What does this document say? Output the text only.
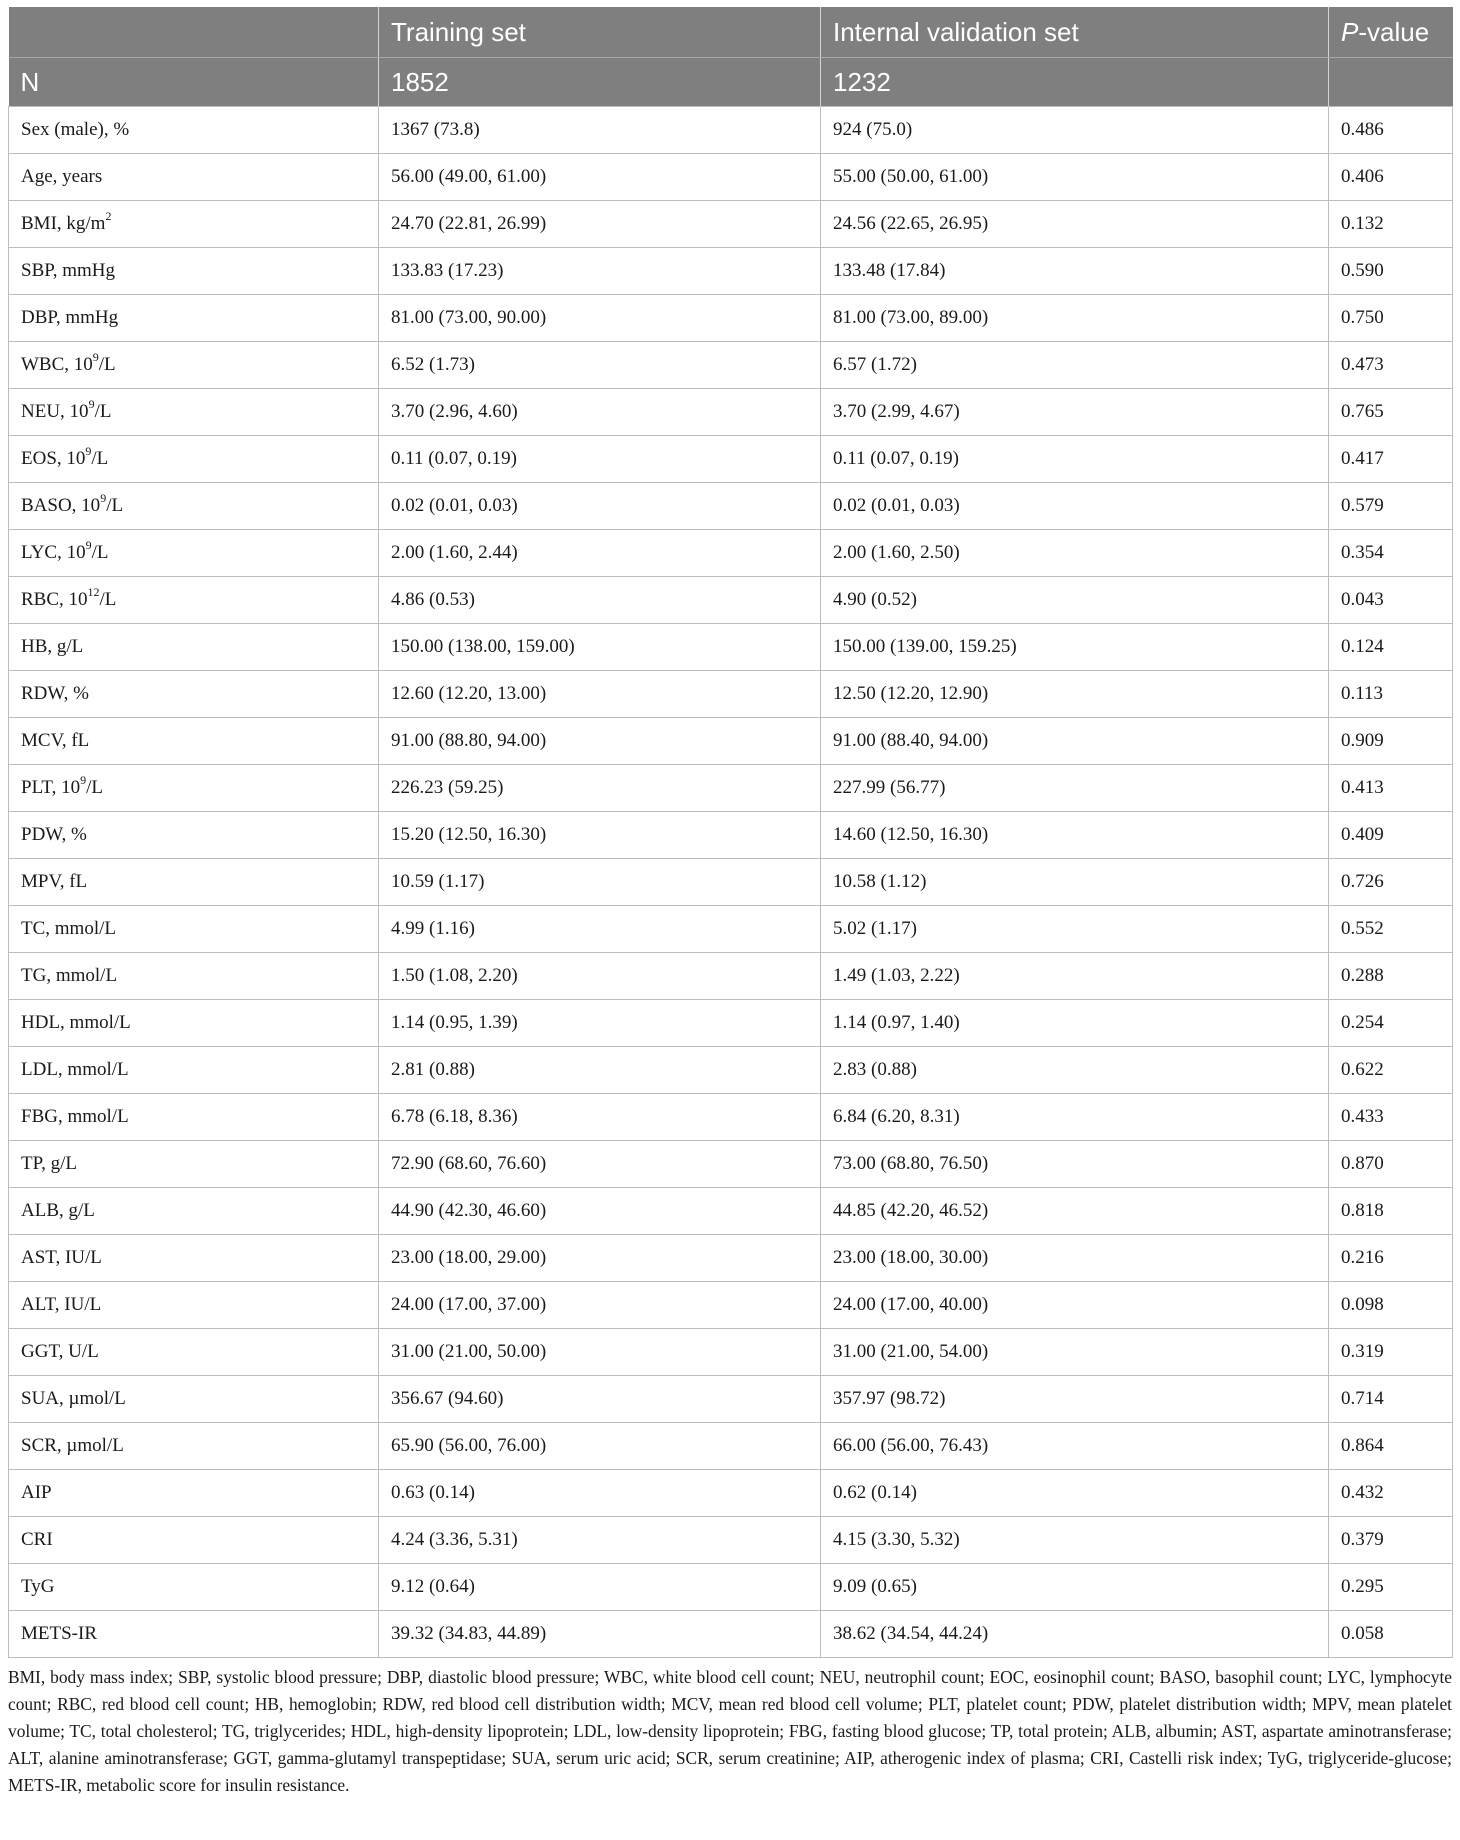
	Training set	Internal validation set	P-value
N	1852	1232	
Sex (male), %	1367 (73.8)	924 (75.0)	0.486
Age, years	56.00 (49.00, 61.00)	55.00 (50.00, 61.00)	0.406
BMI, $kg/m^2$	24.70 (22.81, 26.99)	24.56 (22.65, 26.95)	0.132
SBP, mmHg	133.83 (17.23)	133.48 (17.84)	0.590
DBP, mmHg	81.00 (73.00, 90.00)	81.00 (73.00, 89.00)	0.750
WBC, $10^9/L$	6.52 (1.73)	6.57 (1.72)	0.473
NEU, $10^9/L$	3.70 (2.96, 4.60)	3.70 (2.99, 4.67)	0.765
EOS, $10^9/L$	0.11 (0.07, 0.19)	0.11 (0.07, 0.19)	0.417
BASO, $10^9/L$	0.02 (0.01, 0.03)	0.02 (0.01, 0.03)	0.579
LYC, $10^9/L$	2.00 (1.60, 2.44)	2.00 (1.60, 2.50)	0.354
RBC, $10^{12}/L$	4.86 (0.53)	4.90 (0.52)	0.043
HB, g/L	150.00 (138.00, 159.00)	150.00 (139.00, 159.25)	0.124
RDW, %	12.60 (12.20, 13.00)	12.50 (12.20, 12.90)	0.113
MCV, fL	91.00 (88.80, 94.00)	91.00 (88.40, 94.00)	0.909
PLT, $10^9/L$	226.23 (59.25)	227.99 (56.77)	0.413
PDW, %	15.20 (12.50, 16.30)	14.60 (12.50, 16.30)	0.409
MPV, fL	10.59 (1.17)	10.58 (1.12)	0.726
TC, mmol/L	4.99 (1.16)	5.02 (1.17)	0.552
TG, mmol/L	1.50 (1.08, 2.20)	1.49 (1.03, 2.22)	0.288
HDL, mmol/L	1.14 (0.95, 1.39)	1.14 (0.97, 1.40)	0.254
LDL, mmol/L	2.81 (0.88)	2.83 (0.88)	0.622
FBG, mmol/L	6.78 (6.18, 8.36)	6.84 (6.20, 8.31)	0.433
TP, g/L	72.90 (68.60, 76.60)	73.00 (68.80, 76.50)	0.870
ALB, g/L	44.90 (42.30, 46.60)	44.85 (42.20, 46.52)	0.818
AST, IU/L	23.00 (18.00, 29.00)	23.00 (18.00, 30.00)	0.216
ALT, IU/L	24.00 (17.00, 37.00)	24.00 (17.00, 40.00)	0.098
GGT, U/L	31.00 (21.00, 50.00)	31.00 (21.00, 54.00)	0.319
SUA, µmol/L	356.67 (94.60)	357.97 (98.72)	0.714
SCR, µmol/L	65.90 (56.00, 76.00)	66.00 (56.00, 76.43)	0.864
AIP	0.63 (0.14)	0.62 (0.14)	0.432
CRI	4.24 (3.36, 5.31)	4.15 (3.30, 5.32)	0.379
TyG	9.12 (0.64)	9.09 (0.65)	0.295
METS-IR	39.32 (34.83, 44.89)	38.62 (34.54, 44.24)	0.058

BMI, body mass index; SBP, systolic blood pressure; DBP, diastolic blood pressure; WBC, white blood cell count; NEU, neutrophil count; EOC, eosinophil count; BASO, basophil count; LYC, lymphocyte count; RBC, red blood cell count; HB, hemoglobin; RDW, red blood cell distribution width; MCV, mean red blood cell volume; PLT, platelet count; PDW, platelet distribution width; MPV, mean platelet volume; TC, total cholesterol; TG, triglycerides; HDL, high-density lipoprotein; LDL, low-density lipoprotein; FBG, fasting blood glucose; TP, total protein; ALB, albumin; AST, aspartate aminotransferase; ALT, alanine aminotransferase; GGT, gamma-glutamyl transpeptidase; SUA, serum uric acid; SCR, serum creatinine; AIP, atherogenic index of plasma; CRI, Castelli risk index; TyG, triglyceride-glucose; METS-IR, metabolic score for insulin resistance.
